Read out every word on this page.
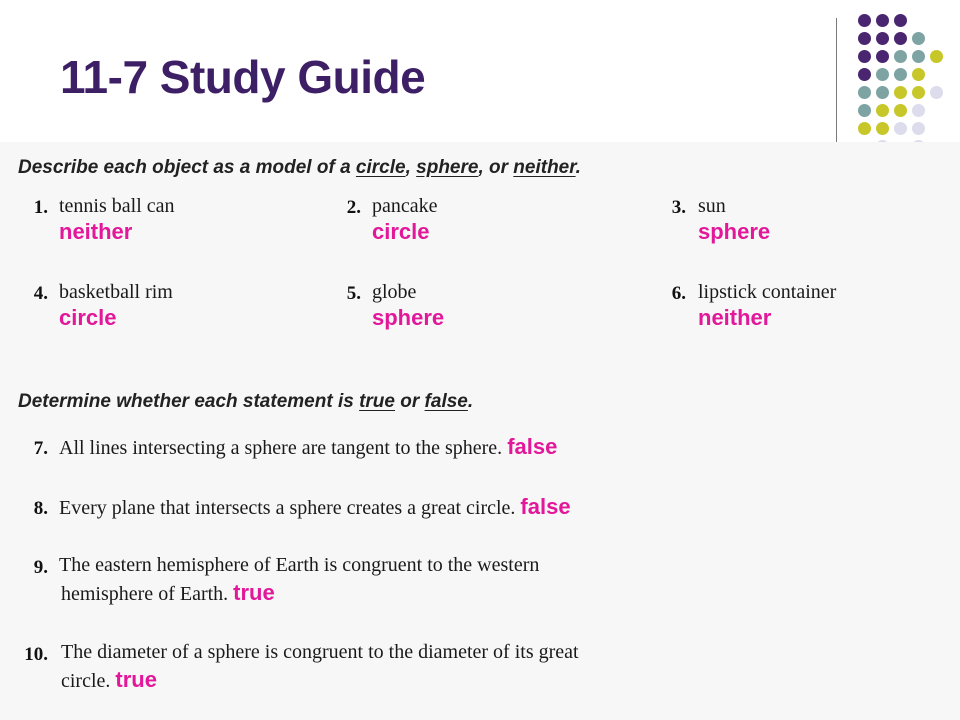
11-7 Study Guide
Describe each object as a model of a circle, sphere, or neither.
1. tennis ball can
neither
2. pancake
circle
3. sun
sphere
4. basketball rim
circle
5. globe
sphere
6. lipstick container
neither
Determine whether each statement is true or false.
7. All lines intersecting a sphere are tangent to the sphere. false
8. Every plane that intersects a sphere creates a great circle. false
9. The eastern hemisphere of Earth is congruent to the western
hemisphere of Earth. true
10. The diameter of a sphere is congruent to the diameter of its great
circle. true
